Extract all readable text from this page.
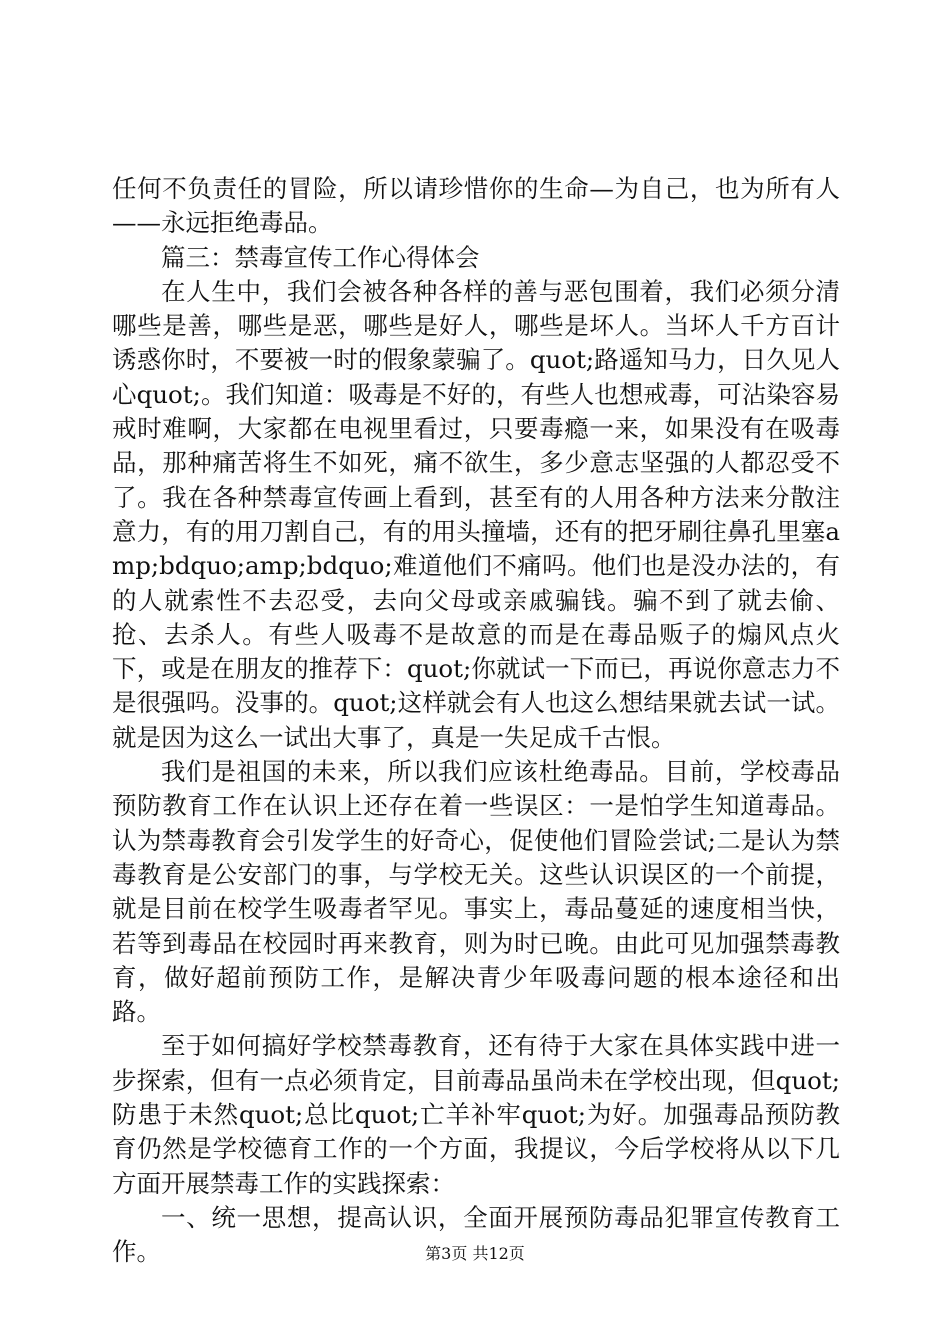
任何不负责任的冒险，所以请珍惜你的生命—为自己，也为所有人——永远拒绝毒品。

篇三：禁毒宣传工作心得体会

在人生中，我们会被各种各样的善与恶包围着，我们必须分清哪些是善，哪些是恶，哪些是好人，哪些是坏人。当坏人千方百计诱惑你时，不要被一时的假象蒙骗了。quot;路遥知马力，日久见人心quot;。我们知道：吸毒是不好的，有些人也想戒毒，可沾染容易戒时难啊，大家都在电视里看过，只要毒瘾一来，如果没有在吸毒品，那种痛苦将生不如死，痛不欲生，多少意志坚强的人都忍受不了。我在各种禁毒宣传画上看到，甚至有的人用各种方法来分散注意力，有的用刀割自己，有的用头撞墙，还有的把牙刷往鼻孔里塞amp;bdquo;amp;bdquo;难道他们不痛吗。他们也是没办法的，有的人就索性不去忍受，去向父母或亲戚骗钱。骗不到了就去偷、抢、去杀人。有些人吸毒不是故意的而是在毒品贩子的煽风点火下，或是在朋友的推荐下：quot;你就试一下而已，再说你意志力不是很强吗。没事的。quot;这样就会有人也这么想结果就去试一试。就是因为这么一试出大事了，真是一失足成千古恨。

我们是祖国的未来，所以我们应该杜绝毒品。目前，学校毒品预防教育工作在认识上还存在着一些误区：一是怕学生知道毒品。认为禁毒教育会引发学生的好奇心，促使他们冒险尝试;二是认为禁毒教育是公安部门的事，与学校无关。这些认识误区的一个前提，就是目前在校学生吸毒者罕见。事实上，毒品蔓延的速度相当快，若等到毒品在校园时再来教育，则为时已晚。由此可见加强禁毒教育，做好超前预防工作，是解决青少年吸毒问题的根本途径和出路。

至于如何搞好学校禁毒教育，还有待于大家在具体实践中进一步探索，但有一点必须肯定，目前毒品虽尚未在学校出现，但quot;防患于未然quot;总比quot;亡羊补牢quot;为好。加强毒品预防教育仍然是学校德育工作的一个方面，我提议，今后学校将从以下几方面开展禁毒工作的实践探索：

一、统一思想，提高认识，全面开展预防毒品犯罪宣传教育工作。	第3页 共12页
